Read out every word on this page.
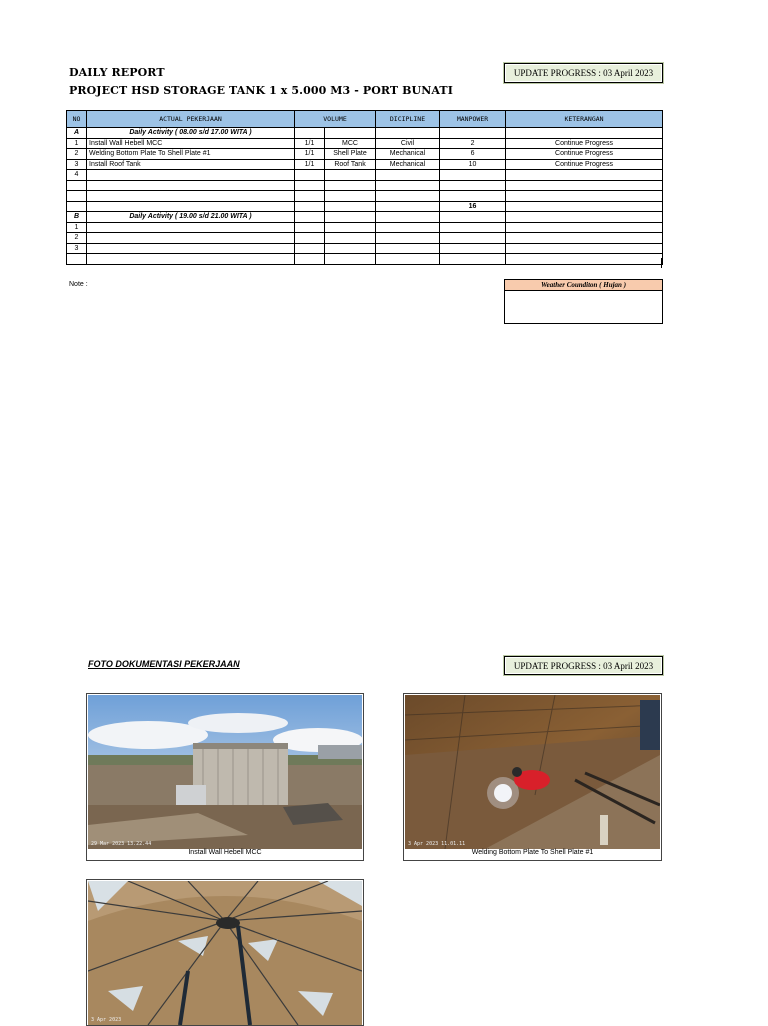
DAILY REPORT
PROJECT HSD STORAGE TANK 1 x 5.000 M3 - PORT BUNATI
UPDATE PROGRESS : 03 April 2023
NO	ACTUAL PEKERJAAN	VOLUME		DICIPLINE	MANPOWER	KETERANGAN
A	Daily Activity ( 08.00 s/d 17.00 WITA )					
1	Install Wall Hebell MCC	1/1	MCC	Civil	2	Continue Progress
2	Welding Bottom Plate To Shell Plate #1	1/1	Shell Plate	Mechanical	6	Continue Progress
3	Install Roof Tank	1/1	Roof Tank	Mechanical	10	Continue Progress
4						

					16	
B	Daily Activity ( 19.00 s/d 21.00 WITA )					
1						
2						
3						

Note :	Weather Counditon ( Hujan )
FOTO DOKUMENTASI PEKERJAAN	UPDATE PROGRESS : 03 April 2023
29 Mar 2023 13.22.44
Install Wall Hebell MCC
3 Apr 2023 11.01.11
Welding Bottom Plate To Shell Plate #1
3 Apr 2023
